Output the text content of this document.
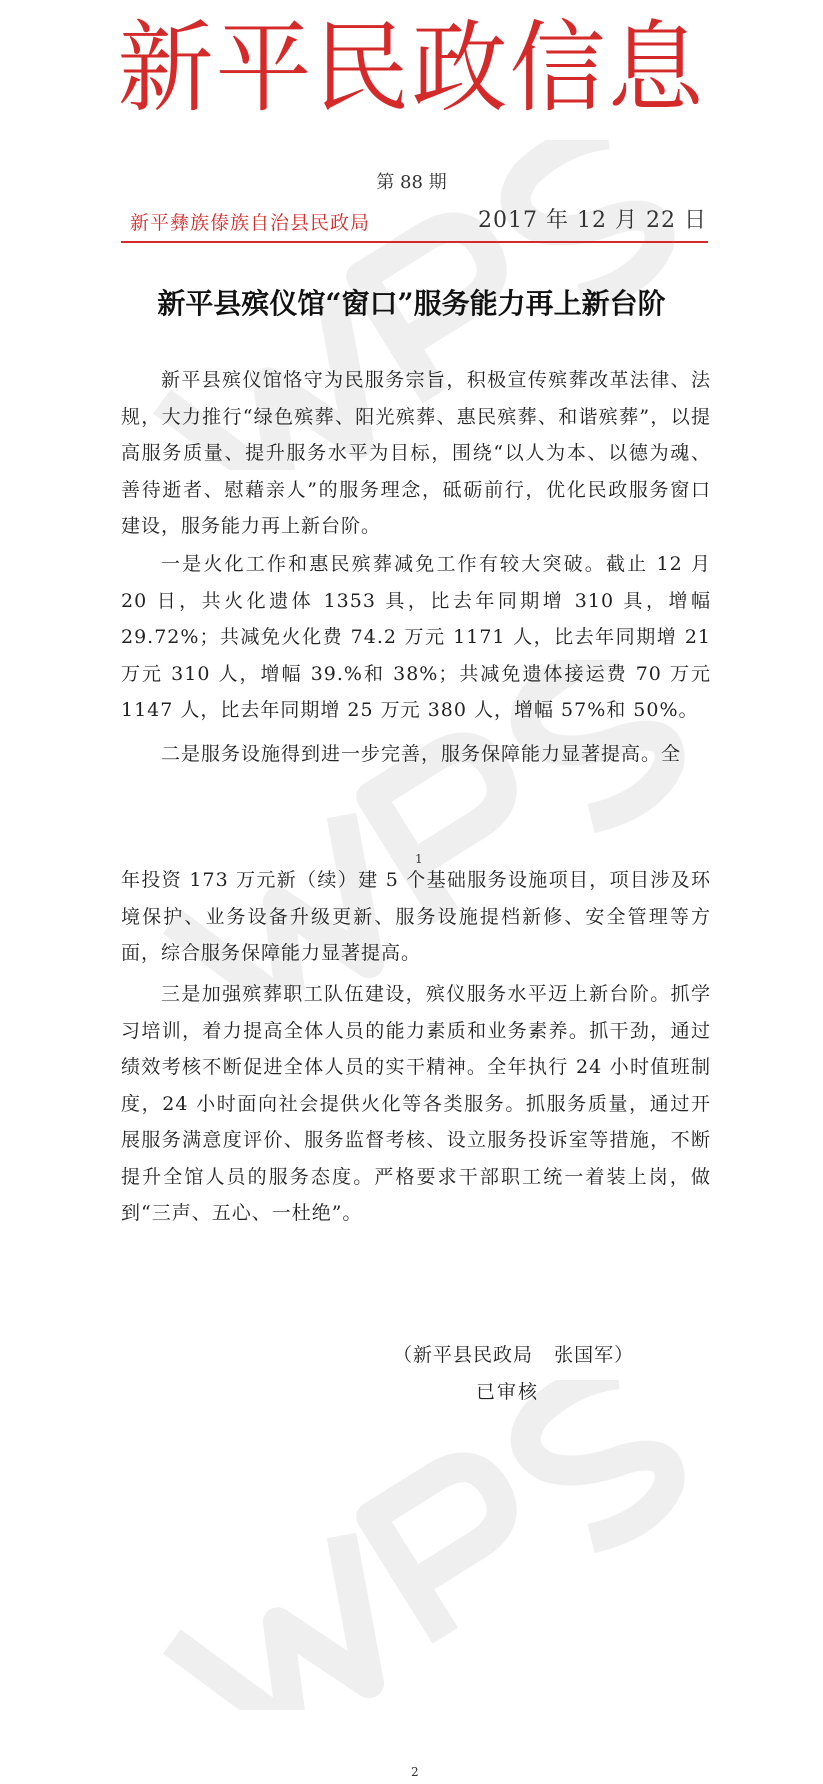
新平民政信息
第 88 期
新平彝族傣族自治县民政局	2017 年 12 月 22 日
新平县殡仪馆“窗口”服务能力再上新台阶
新平县殡仪馆恪守为民服务宗旨，积极宣传殡葬改革法律、法规，大力推行“绿色殡葬、阳光殡葬、惠民殡葬、和谐殡葬”，以提高服务质量、提升服务水平为目标，围绕“以人为本、以德为魂、善待逝者、慰藉亲人”的服务理念，砥砺前行，优化民政服务窗口建设，服务能力再上新台阶。
一是火化工作和惠民殡葬减免工作有较大突破。截止 12 月 20 日，共火化遗体 1353 具，比去年同期增 310 具，增幅 29.72%；共减免火化费 74.2 万元 1171 人，比去年同期增 21 万元 310 人，增幅 39.%和 38%；共减免遗体接运费 70 万元 1147 人，比去年同期增 25 万元 380 人，增幅 57%和 50%。
二是服务设施得到进一步完善，服务保障能力显著提高。全
1
年投资 173 万元新（续）建 5 个基础服务设施项目，项目涉及环境保护、业务设备升级更新、服务设施提档新修、安全管理等方面，综合服务保障能力显著提高。
三是加强殡葬职工队伍建设，殡仪服务水平迈上新台阶。抓学习培训，着力提高全体人员的能力素质和业务素养。抓干劲，通过绩效考核不断促进全体人员的实干精神。全年执行 24 小时值班制度，24 小时面向社会提供火化等各类服务。抓服务质量，通过开展服务满意度评价、服务监督考核、设立服务投诉室等措施，不断提升全馆人员的服务态度。严格要求干部职工统一着装上岗，做到“三声、五心、一杜绝”。
（新平县民政局   张国军）
已审核
2
